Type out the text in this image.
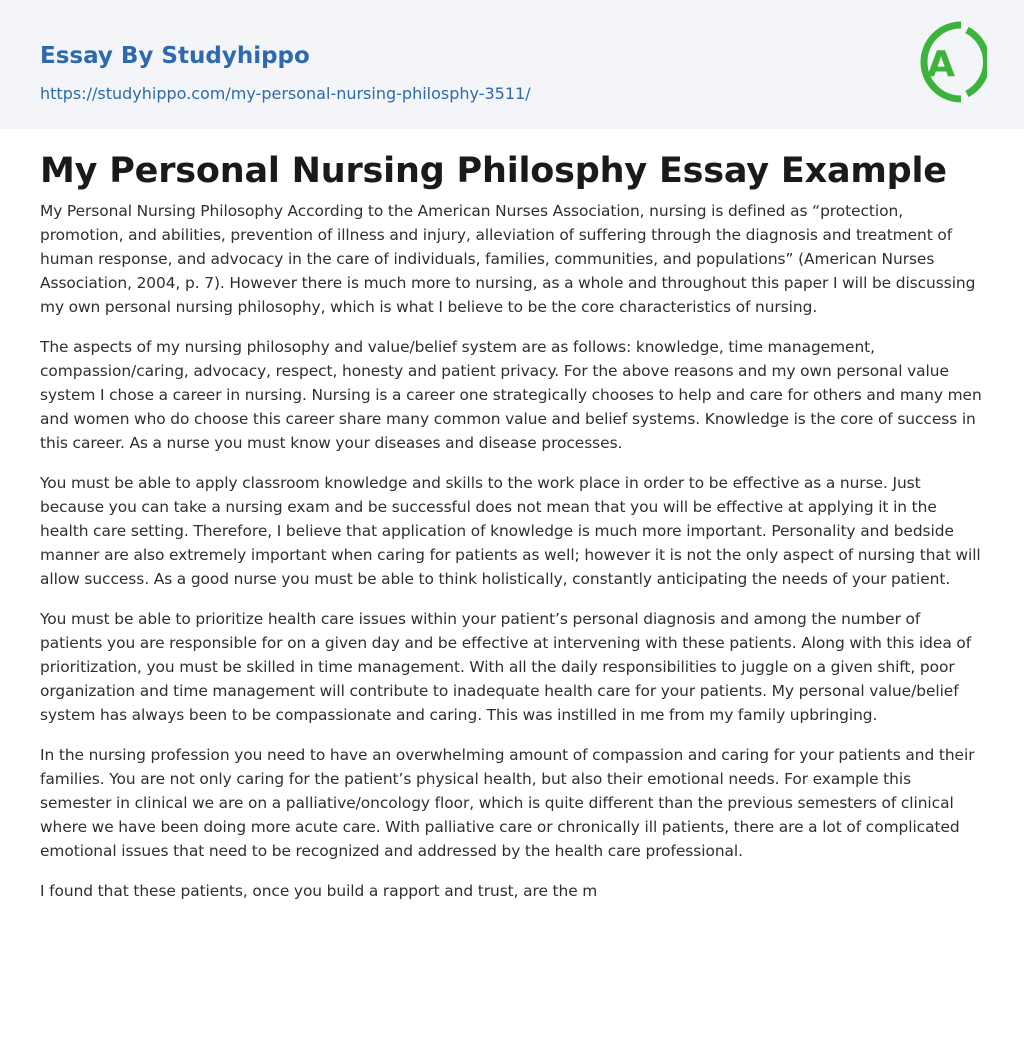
Essay By Studyhippo
https://studyhippo.com/my-personal-nursing-philosphy-3511/
A
My Personal Nursing Philosphy Essay Example

My Personal Nursing Philosophy According to the American Nurses Association, nursing is defined as “protection, promotion, and abilities, prevention of illness and injury, alleviation of suffering through the diagnosis and treatment of human response, and advocacy in the care of individuals, families, communities, and populations” (American Nurses Association, 2004, p. 7). However there is much more to nursing, as a whole and throughout this paper I will be discussing my own personal nursing philosophy, which is what I believe to be the core characteristics of nursing.

The aspects of my nursing philosophy and value/belief system are as follows: knowledge, time management, compassion/caring, advocacy, respect, honesty and patient privacy. For the above reasons and my own personal value system I chose a career in nursing. Nursing is a career one strategically chooses to help and care for others and many men and women who do choose this career share many common value and belief systems. Knowledge is the core of success in this career. As a nurse you must know your diseases and disease processes.

You must be able to apply classroom knowledge and skills to the work place in order to be effective as a nurse. Just because you can take a nursing exam and be successful does not mean that you will be effective at applying it in the health care setting. Therefore, I believe that application of knowledge is much more important. Personality and bedside manner are also extremely important when caring for patients as well; however it is not the only aspect of nursing that will allow success. As a good nurse you must be able to think holistically, constantly anticipating the needs of your patient.

You must be able to prioritize health care issues within your patient’s personal diagnosis and among the number of patients you are responsible for on a given day and be effective at intervening with these patients. Along with this idea of prioritization, you must be skilled in time management. With all the daily responsibilities to juggle on a given shift, poor organization and time management will contribute to inadequate health care for your patients. My personal value/belief system has always been to be compassionate and caring. This was instilled in me from my family upbringing.

In the nursing profession you need to have an overwhelming amount of compassion and caring for your patients and their families. You are not only caring for the patient’s physical health, but also their emotional needs. For example this semester in clinical we are on a palliative/oncology floor, which is quite different than the previous semesters of clinical where we have been doing more acute care. With palliative care or chronically ill patients, there are a lot of complicated emotional issues that need to be recognized and addressed by the health care professional.

I found that these patients, once you build a rapport and trust, are the m
